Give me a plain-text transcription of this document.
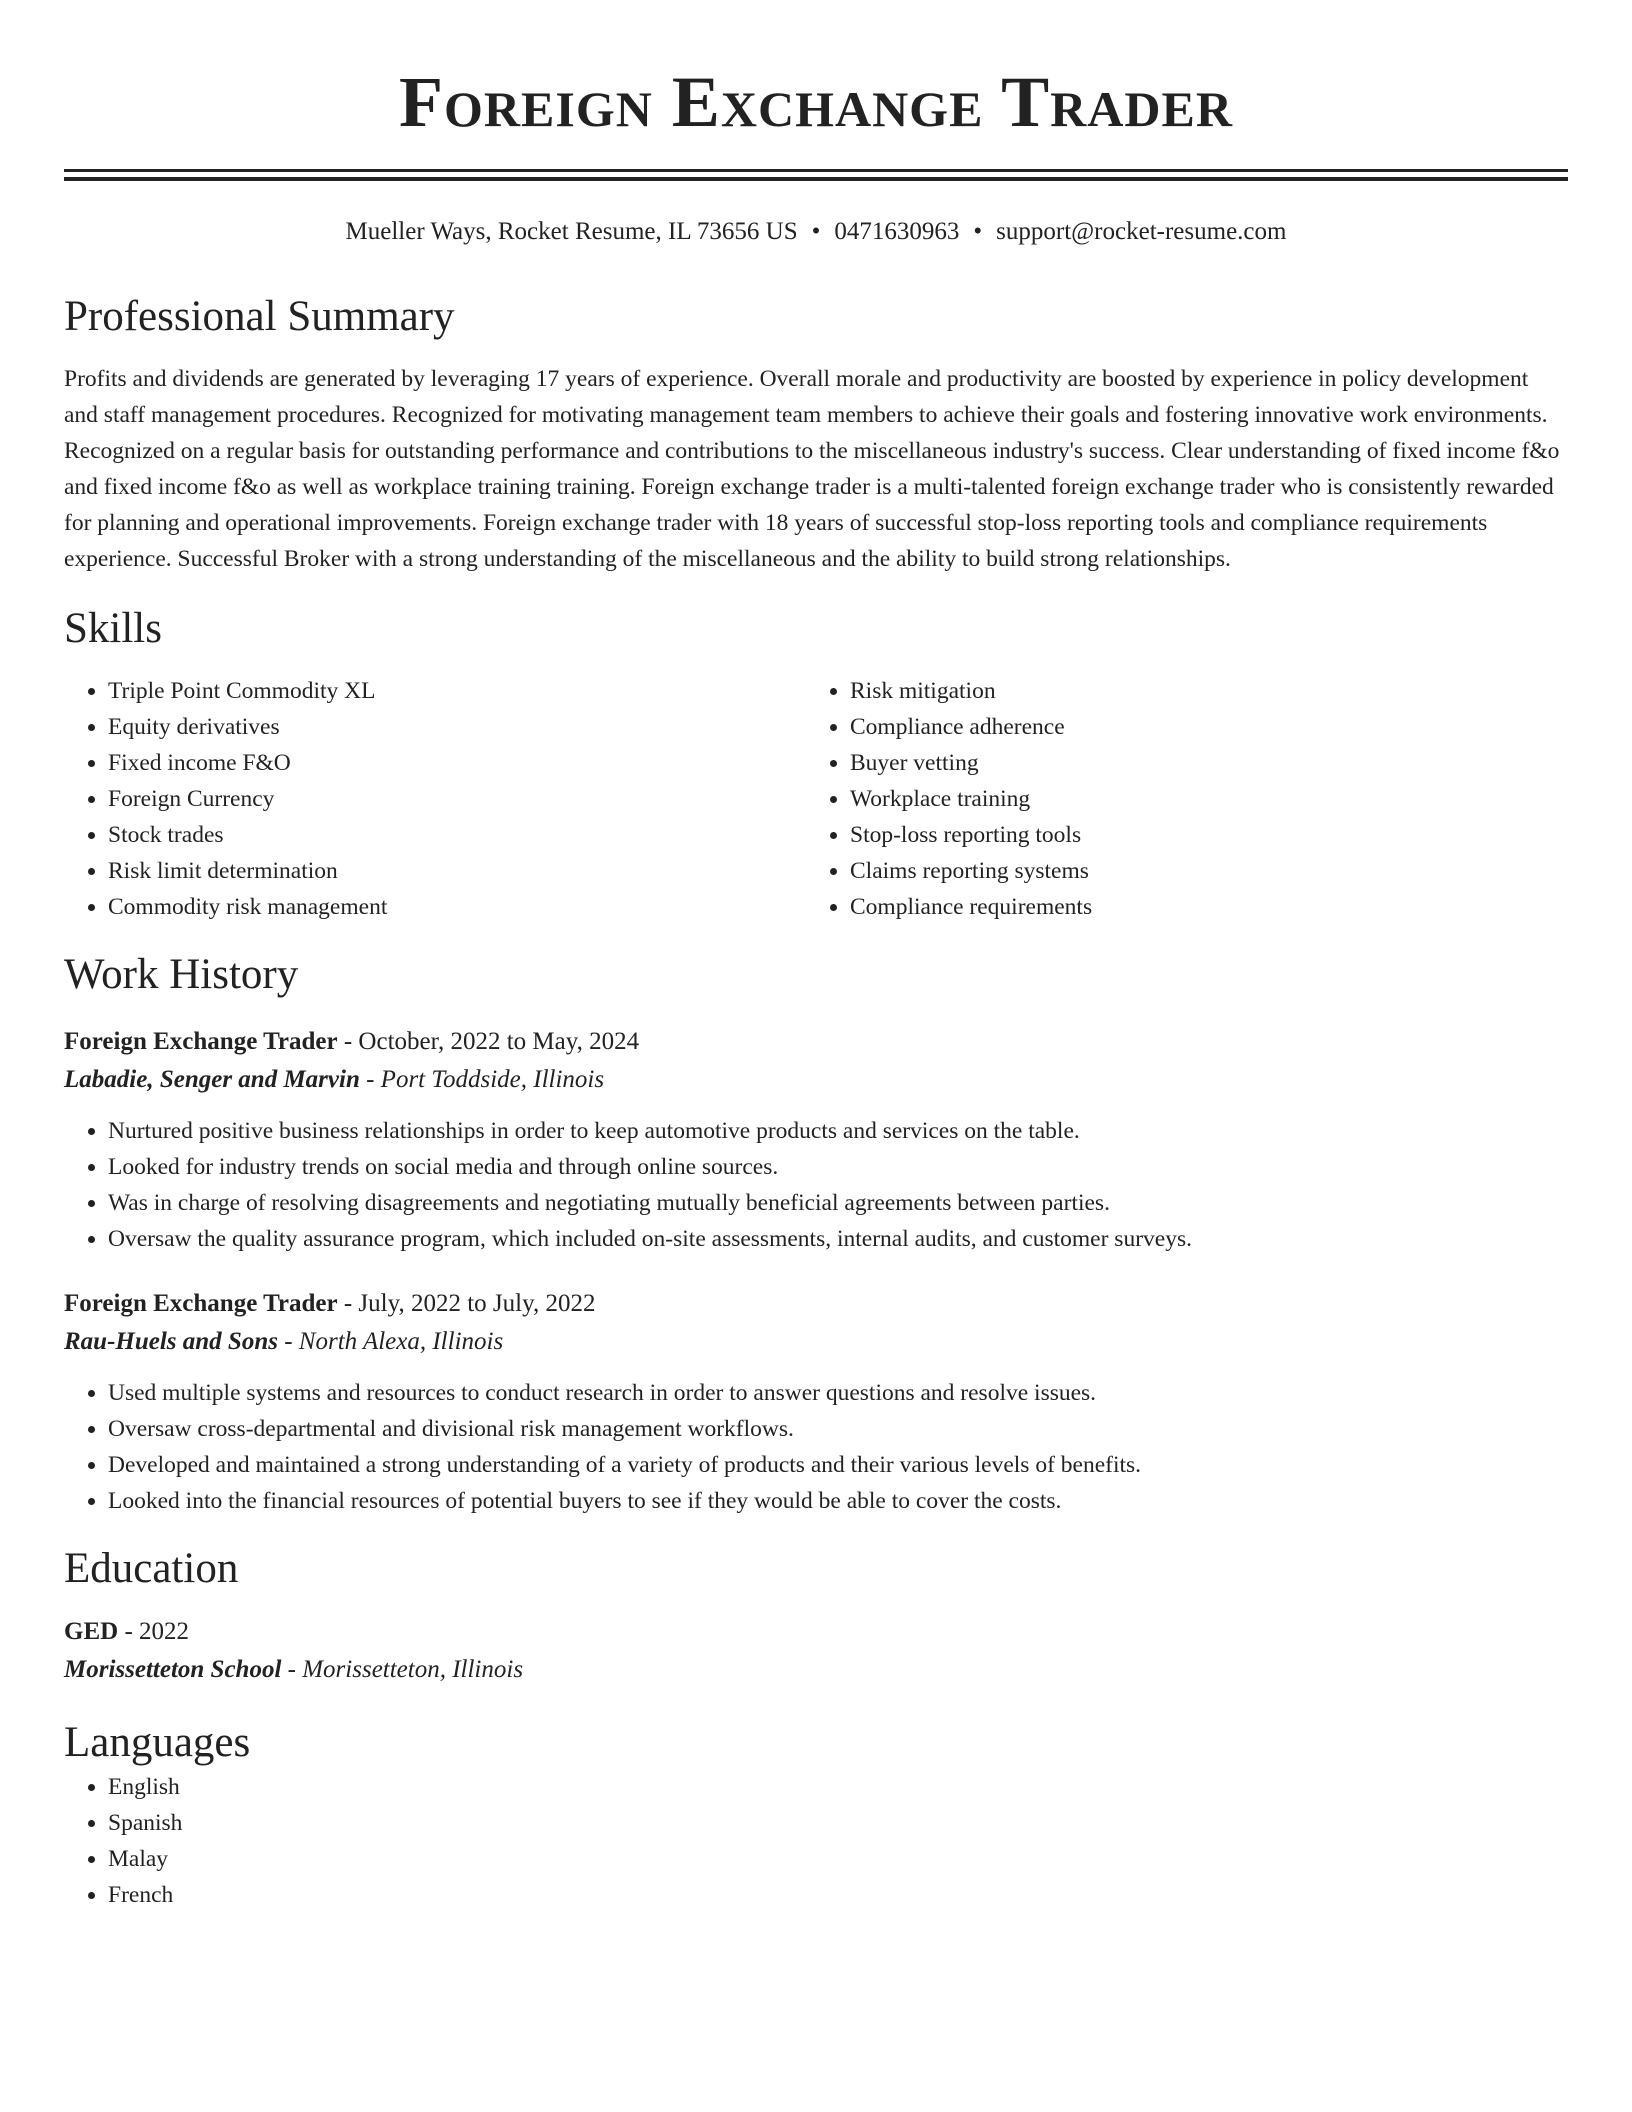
Foreign Exchange Trader
Mueller Ways, Rocket Resume, IL 73656 US • 0471630963 • support@rocket-resume.com
Professional Summary
Profits and dividends are generated by leveraging 17 years of experience. Overall morale and productivity are boosted by experience in policy development and staff management procedures. Recognized for motivating management team members to achieve their goals and fostering innovative work environments. Recognized on a regular basis for outstanding performance and contributions to the miscellaneous industry's success. Clear understanding of fixed income f&o and fixed income f&o as well as workplace training training. Foreign exchange trader is a multi-talented foreign exchange trader who is consistently rewarded for planning and operational improvements. Foreign exchange trader with 18 years of successful stop-loss reporting tools and compliance requirements experience. Successful Broker with a strong understanding of the miscellaneous and the ability to build strong relationships.
Skills
• Triple Point Commodity XL
• Equity derivatives
• Fixed income F&O
• Foreign Currency
• Stock trades
• Risk limit determination
• Commodity risk management
• Risk mitigation
• Compliance adherence
• Buyer vetting
• Workplace training
• Stop-loss reporting tools
• Claims reporting systems
• Compliance requirements
Work History
Foreign Exchange Trader - October, 2022 to May, 2024
Labadie, Senger and Marvin - Port Toddside, Illinois
• Nurtured positive business relationships in order to keep automotive products and services on the table.
• Looked for industry trends on social media and through online sources.
• Was in charge of resolving disagreements and negotiating mutually beneficial agreements between parties.
• Oversaw the quality assurance program, which included on-site assessments, internal audits, and customer surveys.
Foreign Exchange Trader - July, 2022 to July, 2022
Rau-Huels and Sons - North Alexa, Illinois
• Used multiple systems and resources to conduct research in order to answer questions and resolve issues.
• Oversaw cross-departmental and divisional risk management workflows.
• Developed and maintained a strong understanding of a variety of products and their various levels of benefits.
• Looked into the financial resources of potential buyers to see if they would be able to cover the costs.
Education
GED - 2022
Morissetteton School - Morissetteton, Illinois
Languages
• English
• Spanish
• Malay
• French
